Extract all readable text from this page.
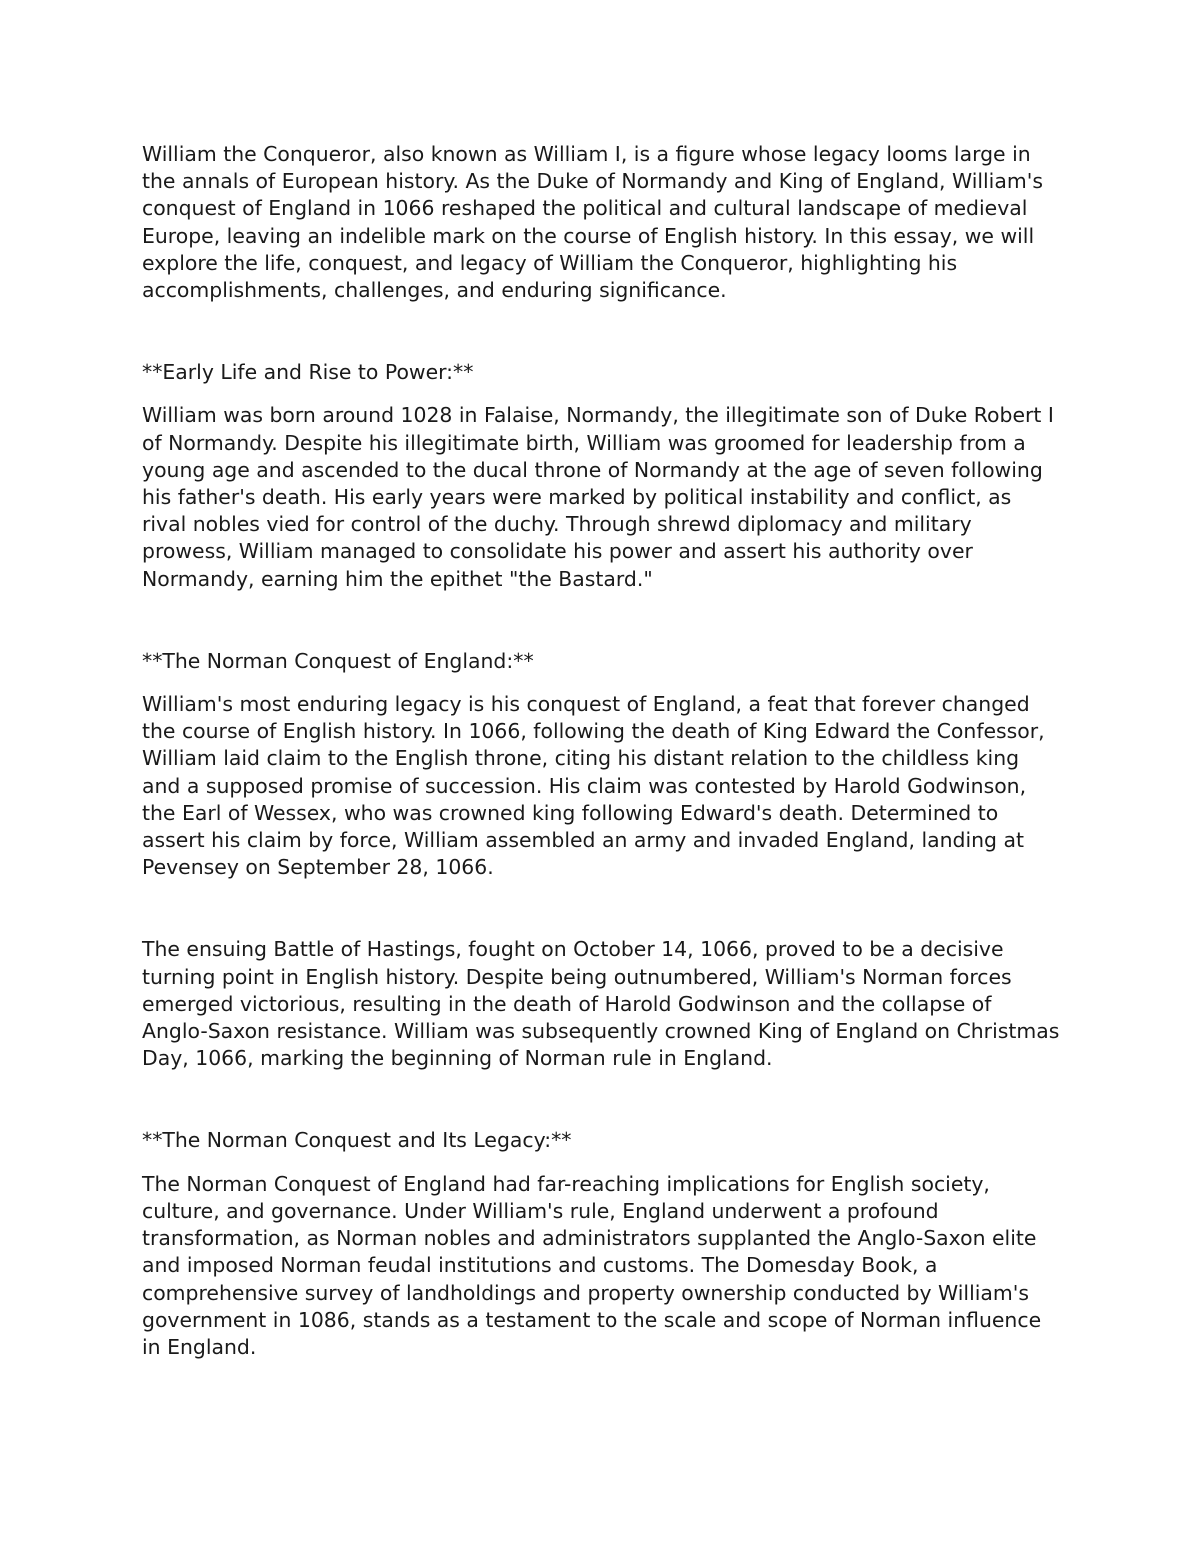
William the Conqueror, also known as William I, is a figure whose legacy looms large in the annals of European history. As the Duke of Normandy and King of England, William's conquest of England in 1066 reshaped the political and cultural landscape of medieval Europe, leaving an indelible mark on the course of English history. In this essay, we will explore the life, conquest, and legacy of William the Conqueror, highlighting his accomplishments, challenges, and enduring significance.

**Early Life and Rise to Power:**

William was born around 1028 in Falaise, Normandy, the illegitimate son of Duke Robert I of Normandy. Despite his illegitimate birth, William was groomed for leadership from a young age and ascended to the ducal throne of Normandy at the age of seven following his father's death. His early years were marked by political instability and conflict, as rival nobles vied for control of the duchy. Through shrewd diplomacy and military prowess, William managed to consolidate his power and assert his authority over Normandy, earning him the epithet "the Bastard."

**The Norman Conquest of England:**

William's most enduring legacy is his conquest of England, a feat that forever changed the course of English history. In 1066, following the death of King Edward the Confessor, William laid claim to the English throne, citing his distant relation to the childless king and a supposed promise of succession. His claim was contested by Harold Godwinson, the Earl of Wessex, who was crowned king following Edward's death. Determined to assert his claim by force, William assembled an army and invaded England, landing at Pevensey on September 28, 1066.

The ensuing Battle of Hastings, fought on October 14, 1066, proved to be a decisive turning point in English history. Despite being outnumbered, William's Norman forces emerged victorious, resulting in the death of Harold Godwinson and the collapse of Anglo-Saxon resistance. William was subsequently crowned King of England on Christmas Day, 1066, marking the beginning of Norman rule in England.

**The Norman Conquest and Its Legacy:**

The Norman Conquest of England had far-reaching implications for English society, culture, and governance. Under William's rule, England underwent a profound transformation, as Norman nobles and administrators supplanted the Anglo-Saxon elite and imposed Norman feudal institutions and customs. The Domesday Book, a comprehensive survey of landholdings and property ownership conducted by William's government in 1086, stands as a testament to the scale and scope of Norman influence in England.
